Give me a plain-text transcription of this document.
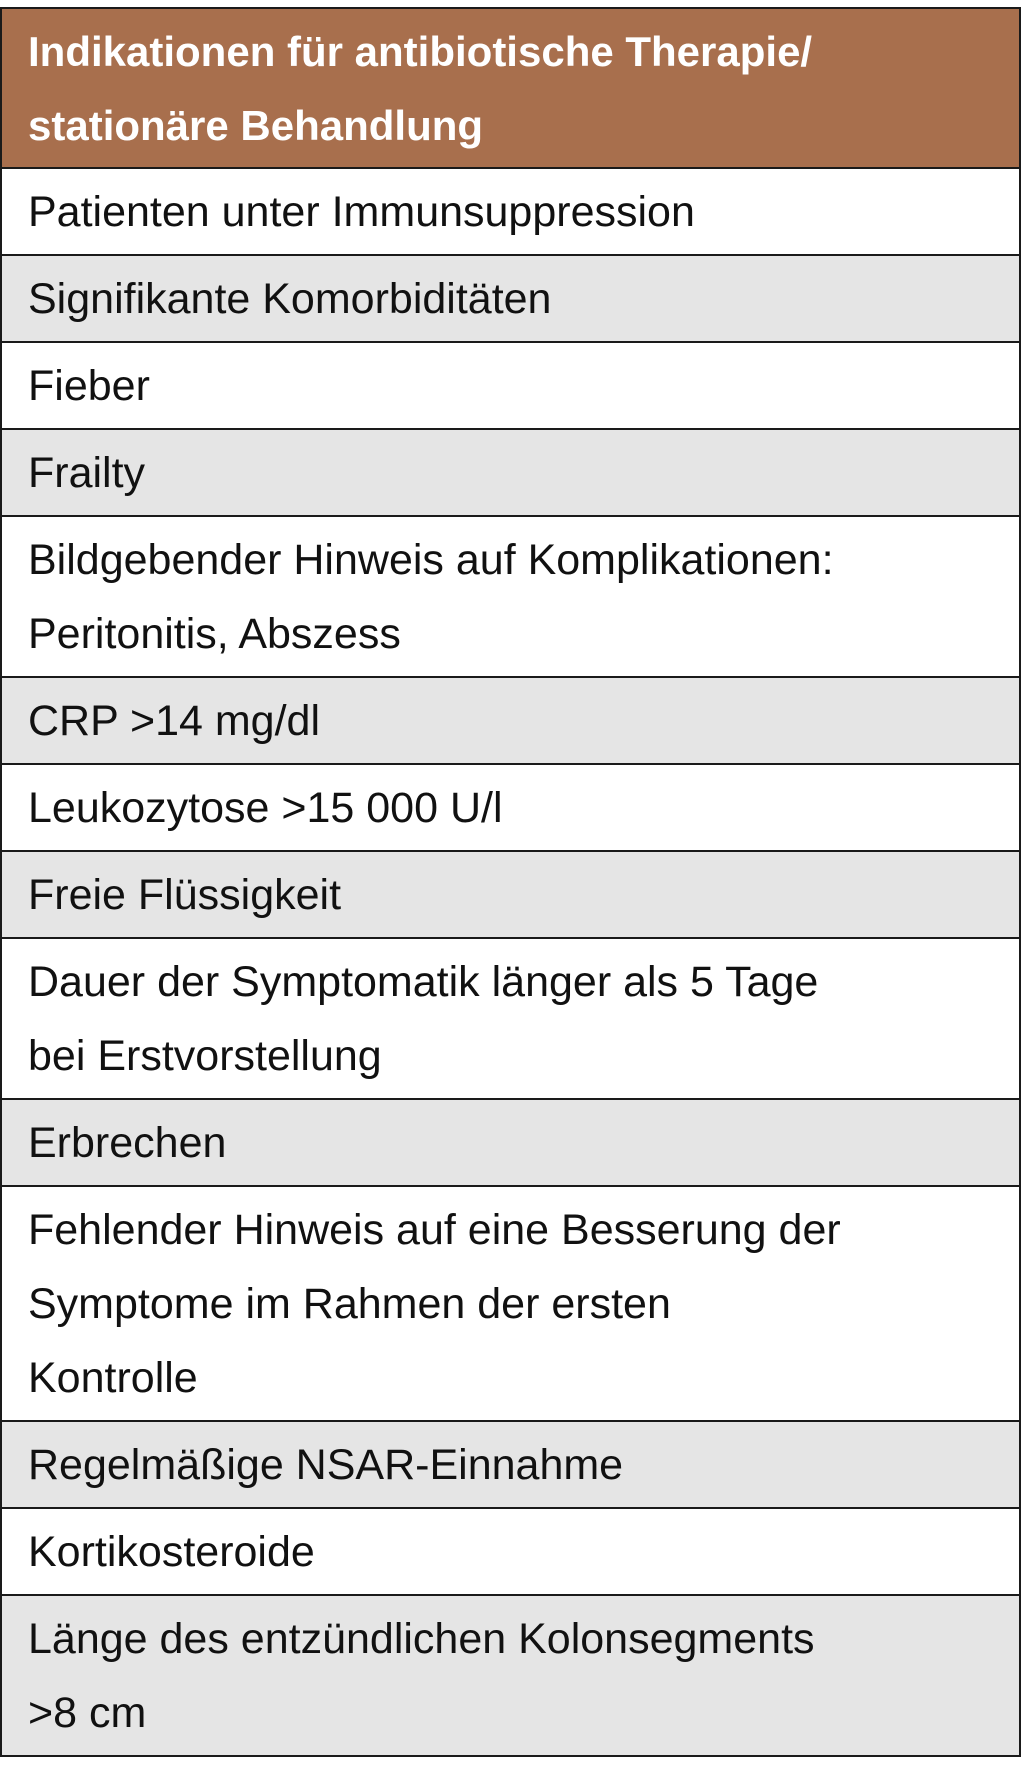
Indikationen für antibiotische Therapie/
stationäre Behandlung
Patienten unter Immunsuppression
Signifikante Komorbiditäten
Fieber
Frailty
Bildgebender Hinweis auf Komplikationen:
Peritonitis, Abszess
CRP >14 mg/dl
Leukozytose >15 000 U/l
Freie Flüssigkeit
Dauer der Symptomatik länger als 5 Tage
bei Erstvorstellung
Erbrechen
Fehlender Hinweis auf eine Besserung der
Symptome im Rahmen der ersten
Kontrolle
Regelmäßige NSAR-Einnahme
Kortikosteroide
Länge des entzündlichen Kolonsegments
>8 cm
